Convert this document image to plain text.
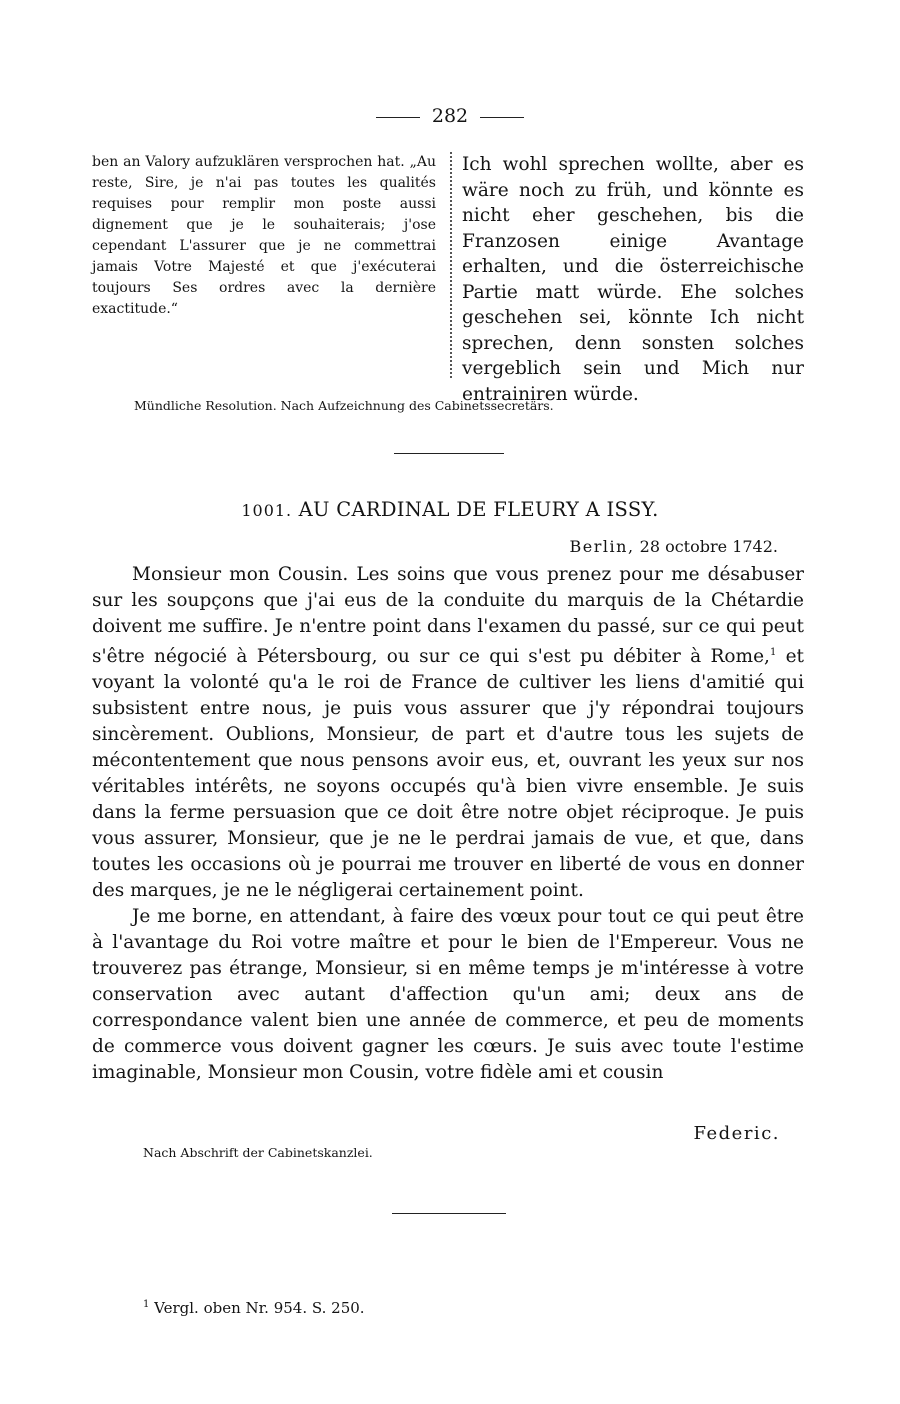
282

ben an Valory aufzuklären versprochen hat. „Au reste, Sire, je n'ai pas toutes les qualités requises pour remplir mon poste aussi dignement que je le souhaiterais; j'ose cependant L'assurer que je ne commettrai jamais Votre Majesté et que j'exécuterai toujours Ses ordres avec la dernière exactitude.“

Ich wohl sprechen wollte, aber es wäre noch zu früh, und könnte es nicht eher geschehen, bis die Franzosen einige Avantage erhalten, und die österreichische Partie matt würde. Ehe solches geschehen sei, könnte Ich nicht sprechen, denn sonsten solches vergeblich sein und Mich nur entrainiren würde.

Mündliche Resolution. Nach Aufzeichnung des Cabinetssecretärs.
1001. AU CARDINAL DE FLEURY A ISSY.
Berlin, 28 octobre 1742.

Monsieur mon Cousin. Les soins que vous prenez pour me désabuser sur les soupçons que j'ai eus de la conduite du marquis de la Chétardie doivent me suffire. Je n'entre point dans l'examen du passé, sur ce qui peut s'être négocié à Pétersbourg, ou sur ce qui s'est pu débiter à Rome,$^1$ et voyant la volonté qu'a le roi de France de cultiver les liens d'amitié qui subsistent entre nous, je puis vous assurer que j'y répondrai toujours sincèrement. Oublions, Monsieur, de part et d'autre tous les sujets de mécontentement que nous pensons avoir eus, et, ouvrant les yeux sur nos véritables intérêts, ne soyons occupés qu'à bien vivre ensemble. Je suis dans la ferme persuasion que ce doit être notre objet réciproque. Je puis vous assurer, Monsieur, que je ne le perdrai jamais de vue, et que, dans toutes les occasions où je pourrai me trouver en liberté de vous en donner des marques, je ne le négligerai certainement point.

Je me borne, en attendant, à faire des vœux pour tout ce qui peut être à l'avantage du Roi votre maître et pour le bien de l'Empereur. Vous ne trouverez pas étrange, Monsieur, si en même temps je m'intéresse à votre conservation avec autant d'affection qu'un ami; deux ans de correspondance valent bien une année de commerce, et peu de moments de commerce vous doivent gagner les cœurs. Je suis avec toute l'estime imaginable, Monsieur mon Cousin, votre fidèle ami et cousin

Federic.
Nach Abschrift der Cabinetskanzlei.
$^1$ Vergl. oben Nr. 954. S. 250.
